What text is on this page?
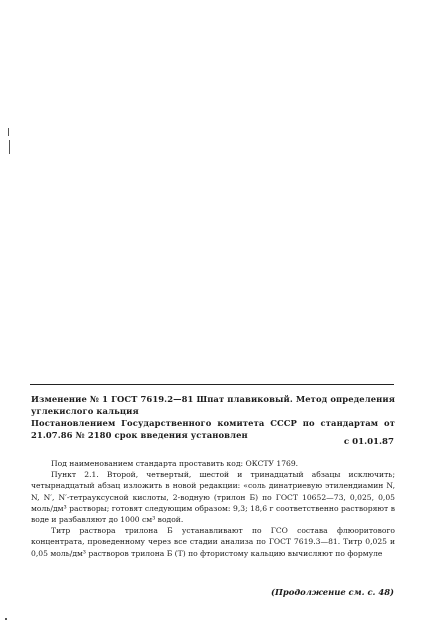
Изменение № 1 ГОСТ 7619.2—81 Шпат плавиковый. Метод определения углекислого кальция
Постановлением Государственного комитета СССР по стандартам от 21.07.86 № 2180 срок введения установлен
с 01.01.87

Под наименованием стандарта проставить код: ОКСТУ 1769.

Пункт 2.1. Второй, четвертый, шестой и тринадцатый абзацы исключить; четырнадцатый абзац изложить в новой редакции: «соль динатриевую этилендиамин N, N, N′, N′-тетрауксусной кислоты, 2-водную (трилон Б) по ГОСТ 10652—73, 0,025, 0,05 моль/дм³ растворы; готовят следующим образом: 9,3; 18,6 г соответственно растворяют в воде и разбавляют до 1000 см³ водой.

Титр раствора трилона Б устанавливают по ГСО состава флюоритового концентрата, проведенному через все стадии анализа по ГОСТ 7619.3—81. Титр 0,025 и 0,05 моль/дм³ растворов трилона Б (T) по фтористому кальцию вычисляют по формуле

(Продолжение см. с. 48)
